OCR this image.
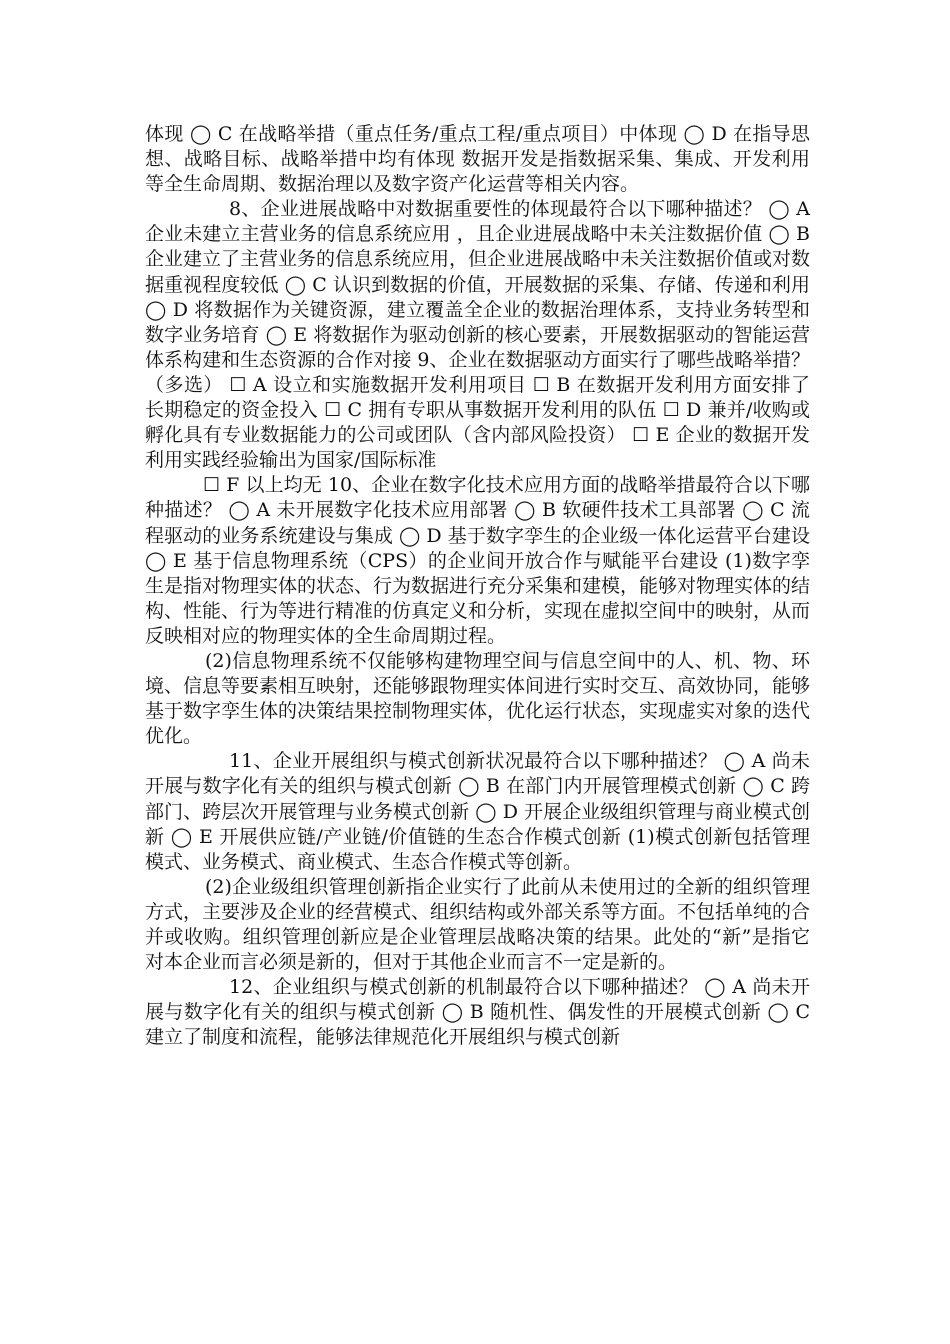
体现 ◯ C 在战略举措（重点任务/重点工程/重点项目）中体现 ◯ D 在指导思想、战略目标、战略举措中均有体现 数据开发是指数据采集、集成、开发利用等全生命周期、数据治理以及数字资产化运营等相关内容。

8、企业进展战略中对数据重要性的体现最符合以下哪种描述？ ◯ A 企业未建立主营业务的信息系统应用 ，且企业进展战略中未关注数据价值 ◯ B 企业建立了主营业务的信息系统应用，但企业进展战略中未关注数据价值或对数据重视程度较低 ◯ C 认识到数据的价值，开展数据的采集、存储、传递和利用 ◯ D 将数据作为关键资源，建立覆盖全企业的数据治理体系，支持业务转型和数字业务培育 ◯ E 将数据作为驱动创新的核心要素，开展数据驱动的智能运营体系构建和生态资源的合作对接 9、企业在数据驱动方面实行了哪些战略举措？（多选） ☐ A 设立和实施数据开发利用项目 ☐ B 在数据开发利用方面安排了长期稳定的资金投入 ☐ C 拥有专职从事数据开发利用的队伍 ☐ D 兼并/收购或孵化具有专业数据能力的公司或团队（含内部风险投资） ☐ E 企业的数据开发利用实践经验输出为国家/国际标准

☐ F 以上均无 10、企业在数字化技术应用方面的战略举措最符合以下哪种描述？ ◯ A 未开展数字化技术应用部署 ◯ B 软硬件技术工具部署 ◯ C 流程驱动的业务系统建设与集成 ◯ D 基于数字孪生的企业级一体化运营平台建设 ◯ E 基于信息物理系统（CPS）的企业间开放合作与赋能平台建设 (1)数字孪生是指对物理实体的状态、行为数据进行充分采集和建模，能够对物理实体的结构、性能、行为等进行精准的仿真定义和分析，实现在虚拟空间中的映射，从而反映相对应的物理实体的全生命周期过程。

(2)信息物理系统不仅能够构建物理空间与信息空间中的人、机、物、环境、信息等要素相互映射，还能够跟物理实体间进行实时交互、高效协同，能够基于数字孪生体的决策结果控制物理实体，优化运行状态，实现虚实对象的迭代优化。

11、企业开展组织与模式创新状况最符合以下哪种描述？ ◯ A 尚未开展与数字化有关的组织与模式创新 ◯ B 在部门内开展管理模式创新 ◯ C 跨部门、跨层次开展管理与业务模式创新 ◯ D 开展企业级组织管理与商业模式创新 ◯ E 开展供应链/产业链/价值链的生态合作模式创新 (1)模式创新包括管理模式、业务模式、商业模式、生态合作模式等创新。

(2)企业级组织管理创新指企业实行了此前从未使用过的全新的组织管理方式，主要涉及企业的经营模式、组织结构或外部关系等方面。不包括单纯的合并或收购。组织管理创新应是企业管理层战略决策的结果。此处的“新”是指它对本企业而言必须是新的，但对于其他企业而言不一定是新的。

12、企业组织与模式创新的机制最符合以下哪种描述？ ◯ A 尚未开展与数字化有关的组织与模式创新 ◯ B 随机性、偶发性的开展模式创新 ◯ C 建立了制度和流程，能够法律规范化开展组织与模式创新
